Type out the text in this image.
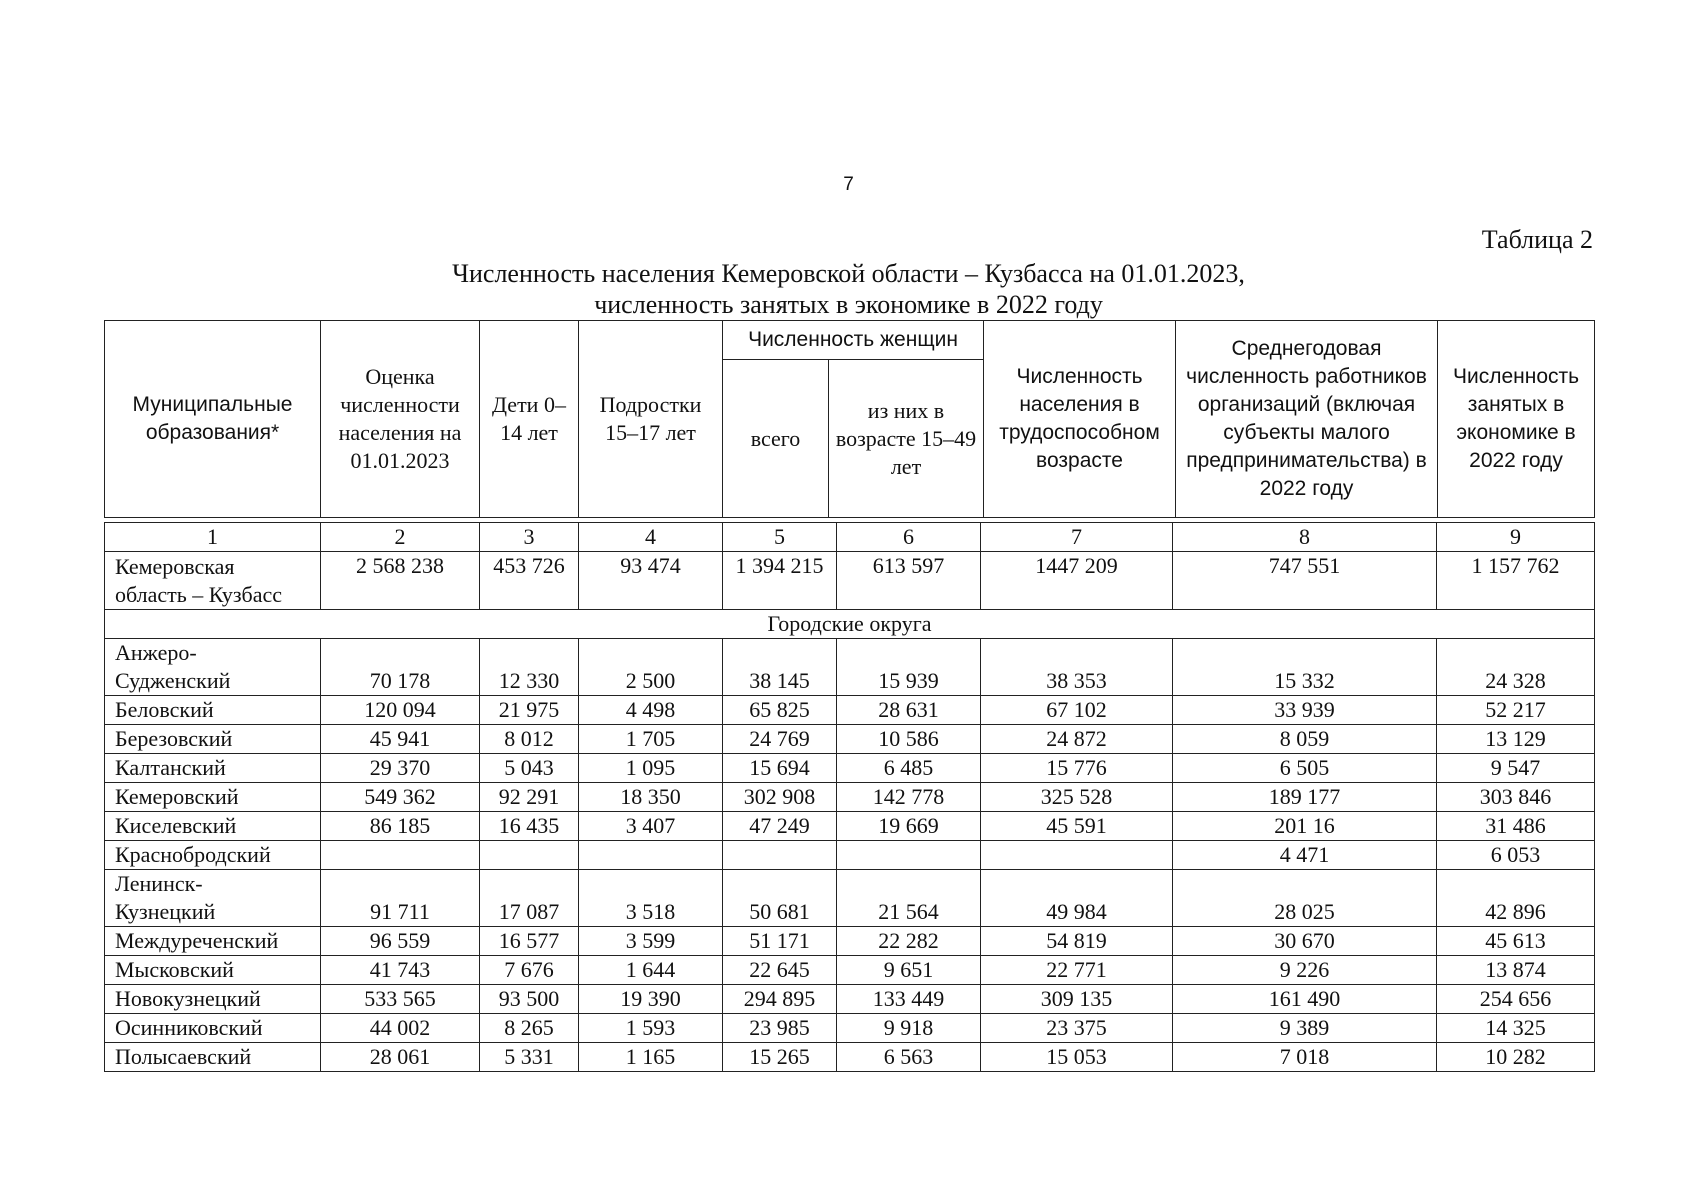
7
Таблица 2
Численность населения Кемеровской области – Кузбасса на 01.01.2023,
численность занятых в экономике в 2022 году
Муниципальные образования*	Оценка численности населения на 01.01.2023	Дети 0–14 лет	Подростки 15–17 лет	Численность женщин		Численность населения в трудоспособном возрасте	Среднегодовая численность работников организаций (включая субъекты малого предпринимательства) в 2022 году	Численность занятых в экономике в 2022 году
				всего	из них в возрасте 15–49 лет			
1	2	3	4	5	6	7	8	9
Кемеровская
область – Кузбасс	2 568 238	453 726	93 474	1 394 215	613 597	1447 209	747 551	1 157 762
Городские округа								
Анжеро-
Судженский	70 178	12 330	2 500	38 145	15 939	38 353	15 332	24 328
Беловский	120 094	21 975	4 498	65 825	28 631	67 102	33 939	52 217
Березовский	45 941	8 012	1 705	24 769	10 586	24 872	8 059	13 129
Калтанский	29 370	5 043	1 095	15 694	6 485	15 776	6 505	9 547
Кемеровский	549 362	92 291	18 350	302 908	142 778	325 528	189 177	303 846
Киселевский	86 185	16 435	3 407	47 249	19 669	45 591	201 16	31 486
Краснобродский							4 471	6 053
Ленинск-
Кузнецкий	91 711	17 087	3 518	50 681	21 564	49 984	28 025	42 896
Междуреченский	96 559	16 577	3 599	51 171	22 282	54 819	30 670	45 613
Мысковский	41 743	7 676	1 644	22 645	9 651	22 771	9 226	13 874
Новокузнецкий	533 565	93 500	19 390	294 895	133 449	309 135	161 490	254 656
Осинниковский	44 002	8 265	1 593	23 985	9 918	23 375	9 389	14 325
Полысаевский	28 061	5 331	1 165	15 265	6 563	15 053	7 018	10 282
